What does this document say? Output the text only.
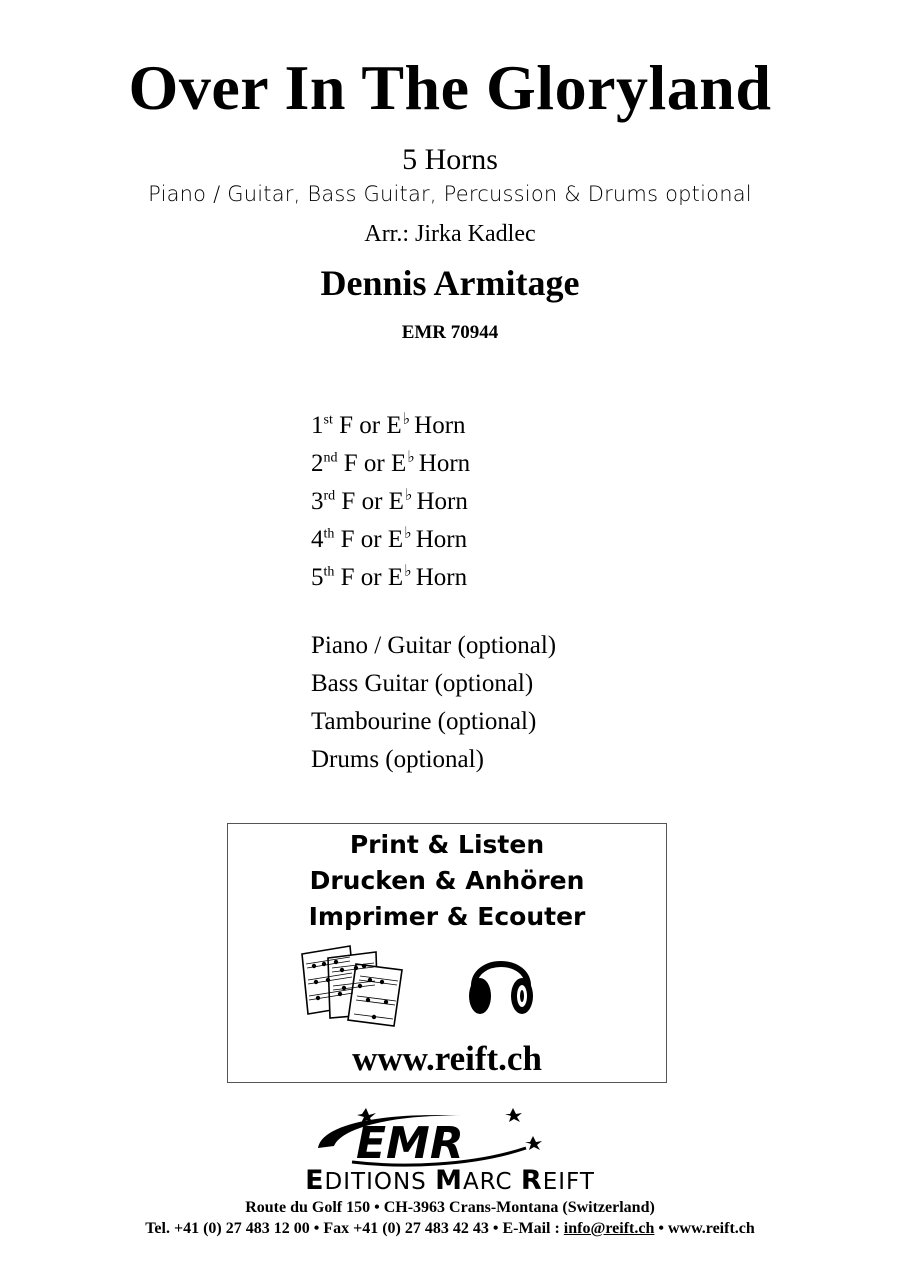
Over In The Gloryland
5 Horns
Piano / Guitar, Bass Guitar, Percussion & Drums optional
Arr.: Jirka Kadlec
Dennis Armitage
EMR 70944
1st F or E♭ Horn
2nd F or E♭ Horn
3rd F or E♭ Horn
4th F or E♭ Horn
5th F or E♭ Horn
Piano / Guitar (optional)
Bass Guitar (optional)
Tambourine (optional)
Drums (optional)
Print & Listen
Drucken & Anhören
Imprimer & Ecouter
www.reift.ch
EMR
EDITIONS MARC REIFT
Route du Golf 150 • CH-3963 Crans-Montana (Switzerland)
Tel. +41 (0) 27 483 12 00 • Fax +41 (0) 27 483 42 43 • E-Mail : info@reift.ch • www.reift.ch
